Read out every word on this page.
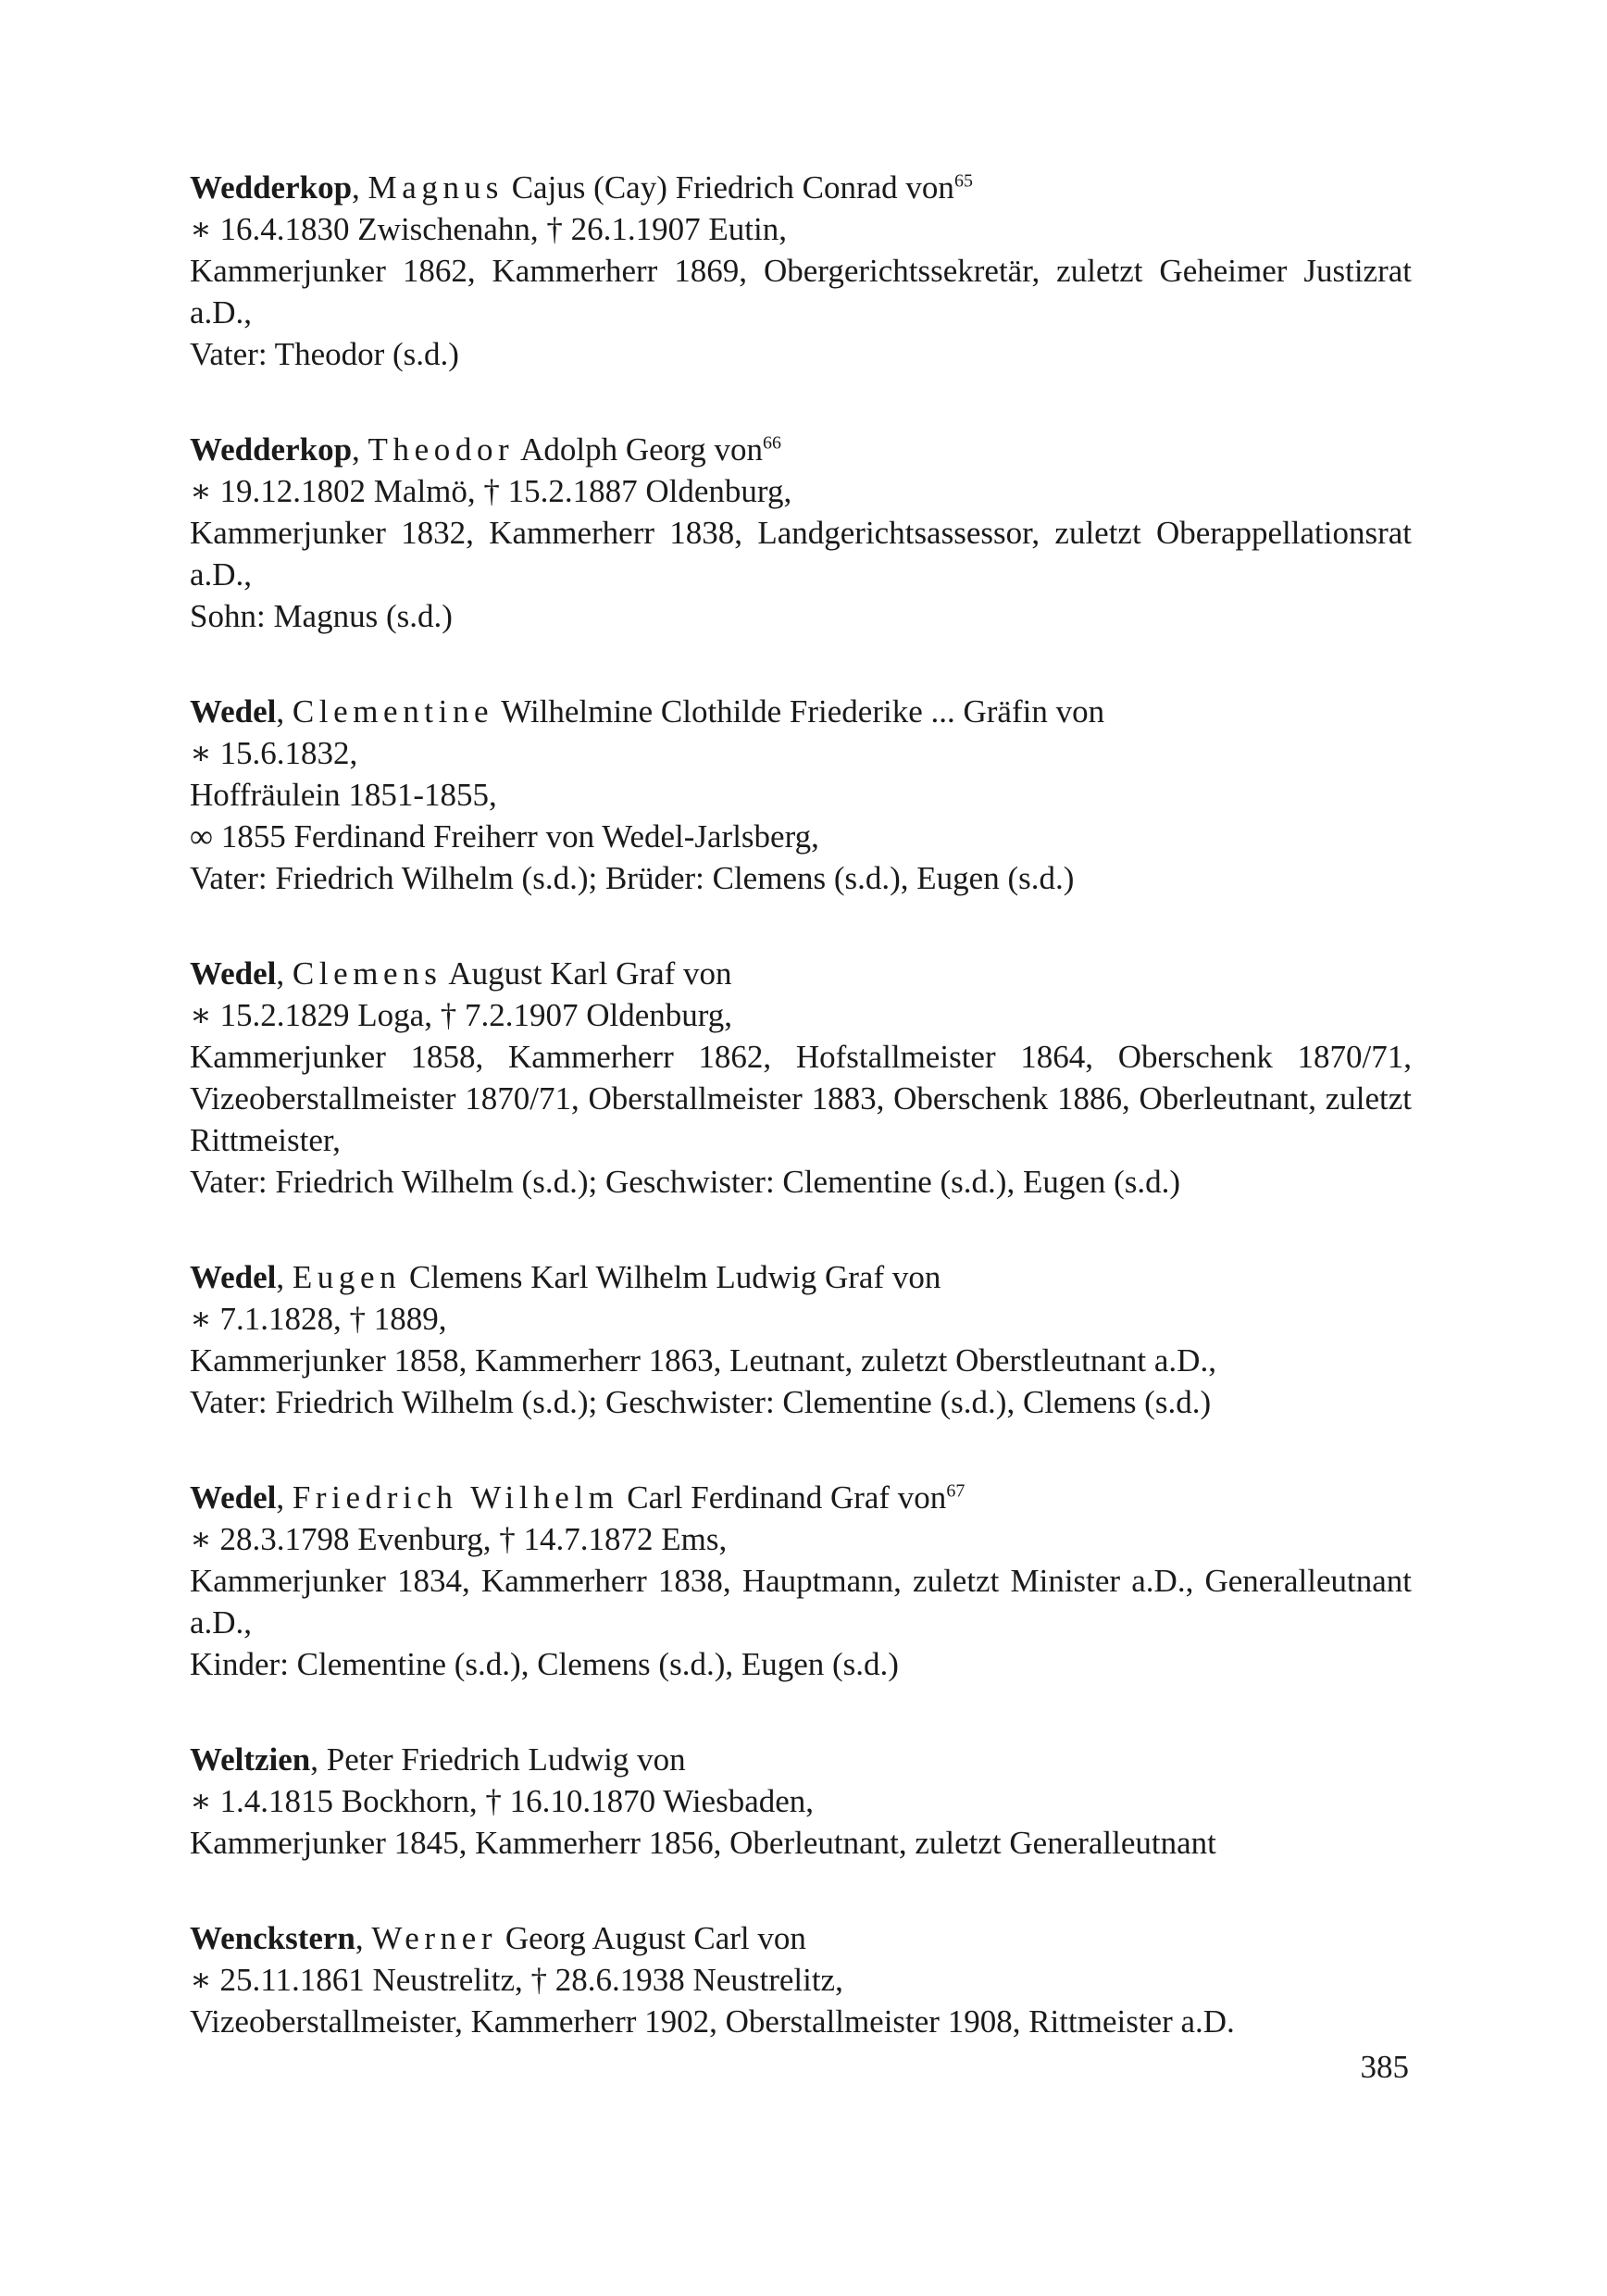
Wedderkop, Magnus Cajus (Cay) Friedrich Conrad von$^{65}$
∗ 16.4.1830 Zwischenahn, † 26.1.1907 Eutin,
Kammerjunker 1862, Kammerherr 1869, Obergerichtssekretär, zuletzt Geheimer Justizrat a.D.,
Vater: Theodor (s.d.)
Wedderkop, Theodor Adolph Georg von$^{66}$
∗ 19.12.1802 Malmö, † 15.2.1887 Oldenburg,
Kammerjunker 1832, Kammerherr 1838, Landgerichtsassessor, zuletzt Oberappellationsrat a.D.,
Sohn: Magnus (s.d.)
Wedel, Clementine Wilhelmine Clothilde Friederike ... Gräfin von
∗ 15.6.1832,
Hoffräulein 1851-1855,
∞ 1855 Ferdinand Freiherr von Wedel-Jarlsberg,
Vater: Friedrich Wilhelm (s.d.); Brüder: Clemens (s.d.), Eugen (s.d.)
Wedel, Clemens August Karl Graf von
∗ 15.2.1829 Loga, † 7.2.1907 Oldenburg,
Kammerjunker 1858, Kammerherr 1862, Hofstallmeister 1864, Oberschenk 1870/71, Vizeoberstallmeister 1870/71, Oberstallmeister 1883, Oberschenk 1886, Oberleutnant, zuletzt Rittmeister,
Vater: Friedrich Wilhelm (s.d.); Geschwister: Clementine (s.d.), Eugen (s.d.)
Wedel, Eugen Clemens Karl Wilhelm Ludwig Graf von
∗ 7.1.1828, † 1889,
Kammerjunker 1858, Kammerherr 1863, Leutnant, zuletzt Oberstleutnant a.D.,
Vater: Friedrich Wilhelm (s.d.); Geschwister: Clementine (s.d.), Clemens (s.d.)
Wedel, Friedrich Wilhelm Carl Ferdinand Graf von$^{67}$
∗ 28.3.1798 Evenburg, † 14.7.1872 Ems,
Kammerjunker 1834, Kammerherr 1838, Hauptmann, zuletzt Minister a.D., Generalleutnant a.D.,
Kinder: Clementine (s.d.), Clemens (s.d.), Eugen (s.d.)
Weltzien, Peter Friedrich Ludwig von
∗ 1.4.1815 Bockhorn, † 16.10.1870 Wiesbaden,
Kammerjunker 1845, Kammerherr 1856, Oberleutnant, zuletzt Generalleutnant
Wenckstern, Werner Georg August Carl von
∗ 25.11.1861 Neustrelitz, † 28.6.1938 Neustrelitz,
Vizeoberstallmeister, Kammerherr 1902, Oberstallmeister 1908, Rittmeister a.D.
385
